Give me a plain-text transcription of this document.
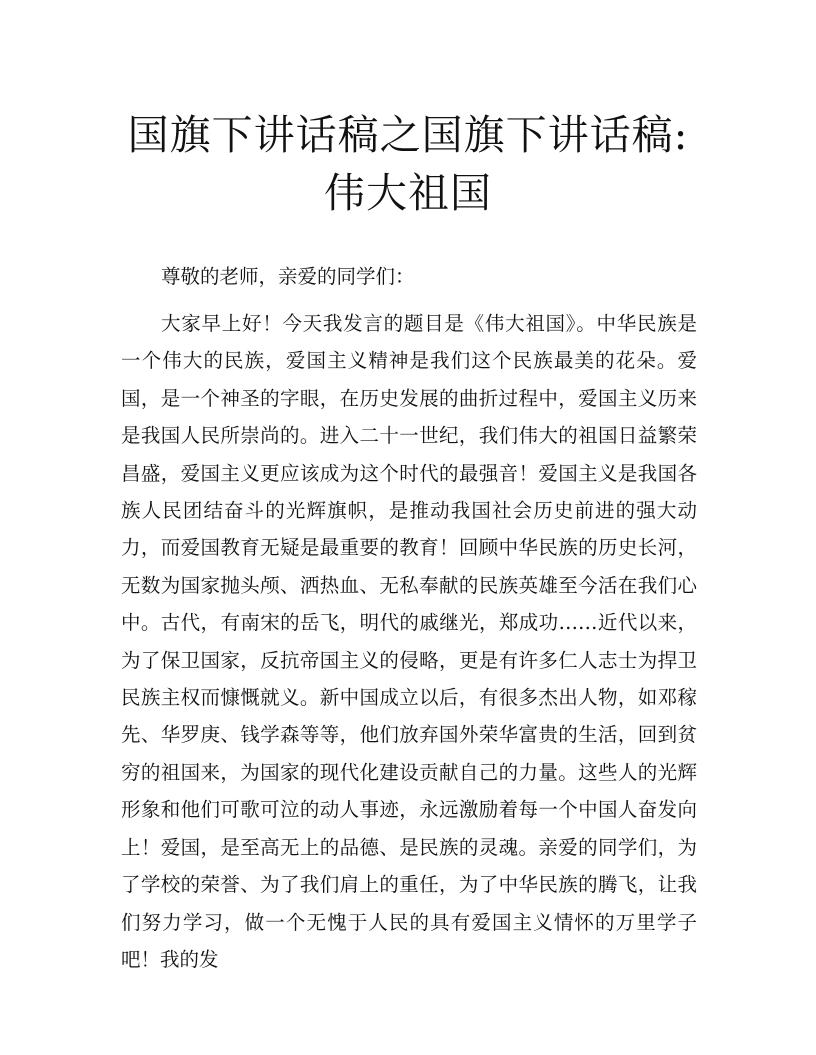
国旗下讲话稿之国旗下讲话稿:伟大祖国

尊敬的老师，亲爱的同学们：

大家早上好！今天我发言的题目是《伟大祖国》。中华民族是一个伟大的民族，爱国主义精神是我们这个民族最美的花朵。爱国，是一个神圣的字眼，在历史发展的曲折过程中，爱国主义历来是我国人民所崇尚的。进入二十一世纪，我们伟大的祖国日益繁荣昌盛，爱国主义更应该成为这个时代的最强音！爱国主义是我国各族人民团结奋斗的光辉旗帜，是推动我国社会历史前进的强大动力，而爱国教育无疑是最重要的教育！回顾中华民族的历史长河，无数为国家抛头颅、洒热血、无私奉献的民族英雄至今活在我们心中。古代，有南宋的岳飞，明代的戚继光，郑成功……近代以来，为了保卫国家，反抗帝国主义的侵略，更是有许多仁人志士为捍卫民族主权而慷慨就义。新中国成立以后，有很多杰出人物，如邓稼先、华罗庚、钱学森等等，他们放弃国外荣华富贵的生活，回到贫穷的祖国来，为国家的现代化建设贡献自己的力量。这些人的光辉形象和他们可歌可泣的动人事迹，永远激励着每一个中国人奋发向上！爱国，是至高无上的品德、是民族的灵魂。亲爱的同学们，为了学校的荣誉、为了我们肩上的重任，为了中华民族的腾飞，让我们努力学习，做一个无愧于人民的具有爱国主义情怀的万里学子吧！我的发
